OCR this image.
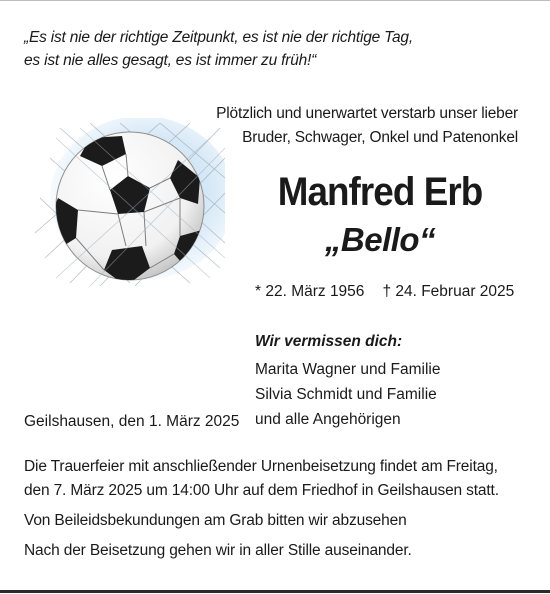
„Es ist nie der richtige Zeitpunkt, es ist nie der richtige Tag,
es ist nie alles gesagt, es ist immer zu früh!“
Plötzlich und unerwartet verstarb unser lieber
Bruder, Schwager, Onkel und Patenonkel
Manfred Erb
„Bello“
* 22. März 1956 † 24. Februar 2025
Wir vermissen dich:
Marita Wagner und Familie
Silvia Schmidt und Familie
und alle Angehörigen
Geilshausen, den 1. März 2025
Die Trauerfeier mit anschließender Urnenbeisetzung findet am Freitag,
den 7. März 2025 um 14:00 Uhr auf dem Friedhof in Geilshausen statt.
Von Beileidsbekundungen am Grab bitten wir abzusehen
Nach der Beisetzung gehen wir in aller Stille auseinander.
